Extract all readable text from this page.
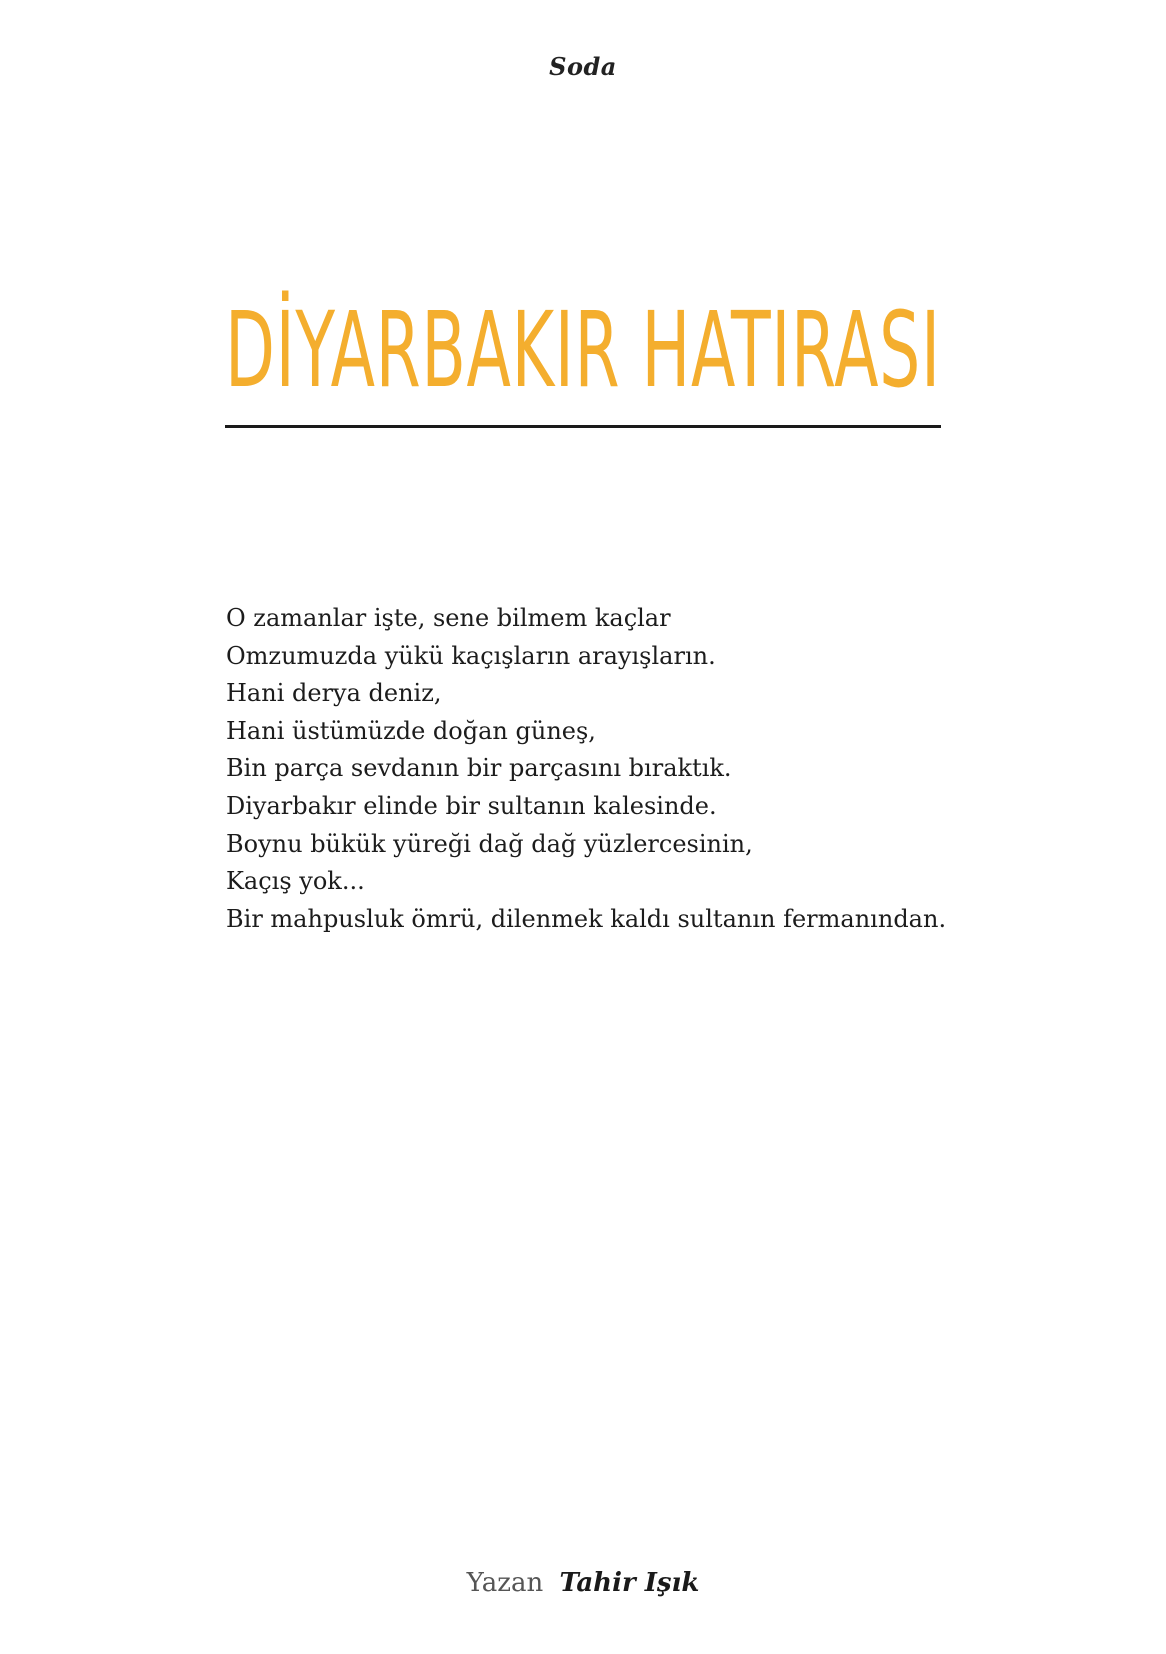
Soda
DİYARBAKIR HATIRASI
O zamanlar işte, sene bilmem kaçlar
Omzumuzda yükü kaçışların arayışların.
Hani derya deniz,
Hani üstümüzde doğan güneş,
Bin parça sevdanın bir parçasını bıraktık.
Diyarbakır elinde bir sultanın kalesinde.
Boynu bükük yüreği dağ dağ yüzlercesinin,
Kaçış yok...
Bir mahpusluk ömrü, dilenmek kaldı sultanın fermanından.
Yazan Tahir Işık
